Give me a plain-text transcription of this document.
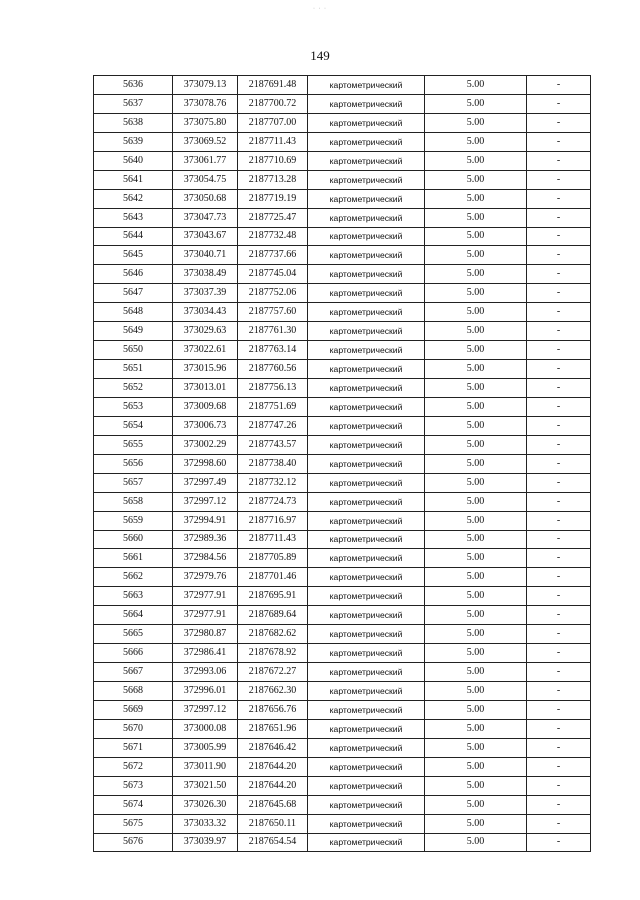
· · ·
149
5636	373079.13	2187691.48	картометрический	5.00	-
5637	373078.76	2187700.72	картометрический	5.00	-
5638	373075.80	2187707.00	картометрический	5.00	-
5639	373069.52	2187711.43	картометрический	5.00	-
5640	373061.77	2187710.69	картометрический	5.00	-
5641	373054.75	2187713.28	картометрический	5.00	-
5642	373050.68	2187719.19	картометрический	5.00	-
5643	373047.73	2187725.47	картометрический	5.00	-
5644	373043.67	2187732.48	картометрический	5.00	-
5645	373040.71	2187737.66	картометрический	5.00	-
5646	373038.49	2187745.04	картометрический	5.00	-
5647	373037.39	2187752.06	картометрический	5.00	-
5648	373034.43	2187757.60	картометрический	5.00	-
5649	373029.63	2187761.30	картометрический	5.00	-
5650	373022.61	2187763.14	картометрический	5.00	-
5651	373015.96	2187760.56	картометрический	5.00	-
5652	373013.01	2187756.13	картометрический	5.00	-
5653	373009.68	2187751.69	картометрический	5.00	-
5654	373006.73	2187747.26	картометрический	5.00	-
5655	373002.29	2187743.57	картометрический	5.00	-
5656	372998.60	2187738.40	картометрический	5.00	-
5657	372997.49	2187732.12	картометрический	5.00	-
5658	372997.12	2187724.73	картометрический	5.00	-
5659	372994.91	2187716.97	картометрический	5.00	-
5660	372989.36	2187711.43	картометрический	5.00	-
5661	372984.56	2187705.89	картометрический	5.00	-
5662	372979.76	2187701.46	картометрический	5.00	-
5663	372977.91	2187695.91	картометрический	5.00	-
5664	372977.91	2187689.64	картометрический	5.00	-
5665	372980.87	2187682.62	картометрический	5.00	-
5666	372986.41	2187678.92	картометрический	5.00	-
5667	372993.06	2187672.27	картометрический	5.00	-
5668	372996.01	2187662.30	картометрический	5.00	-
5669	372997.12	2187656.76	картометрический	5.00	-
5670	373000.08	2187651.96	картометрический	5.00	-
5671	373005.99	2187646.42	картометрический	5.00	-
5672	373011.90	2187644.20	картометрический	5.00	-
5673	373021.50	2187644.20	картометрический	5.00	-
5674	373026.30	2187645.68	картометрический	5.00	-
5675	373033.32	2187650.11	картометрический	5.00	-
5676	373039.97	2187654.54	картометрический	5.00	-
